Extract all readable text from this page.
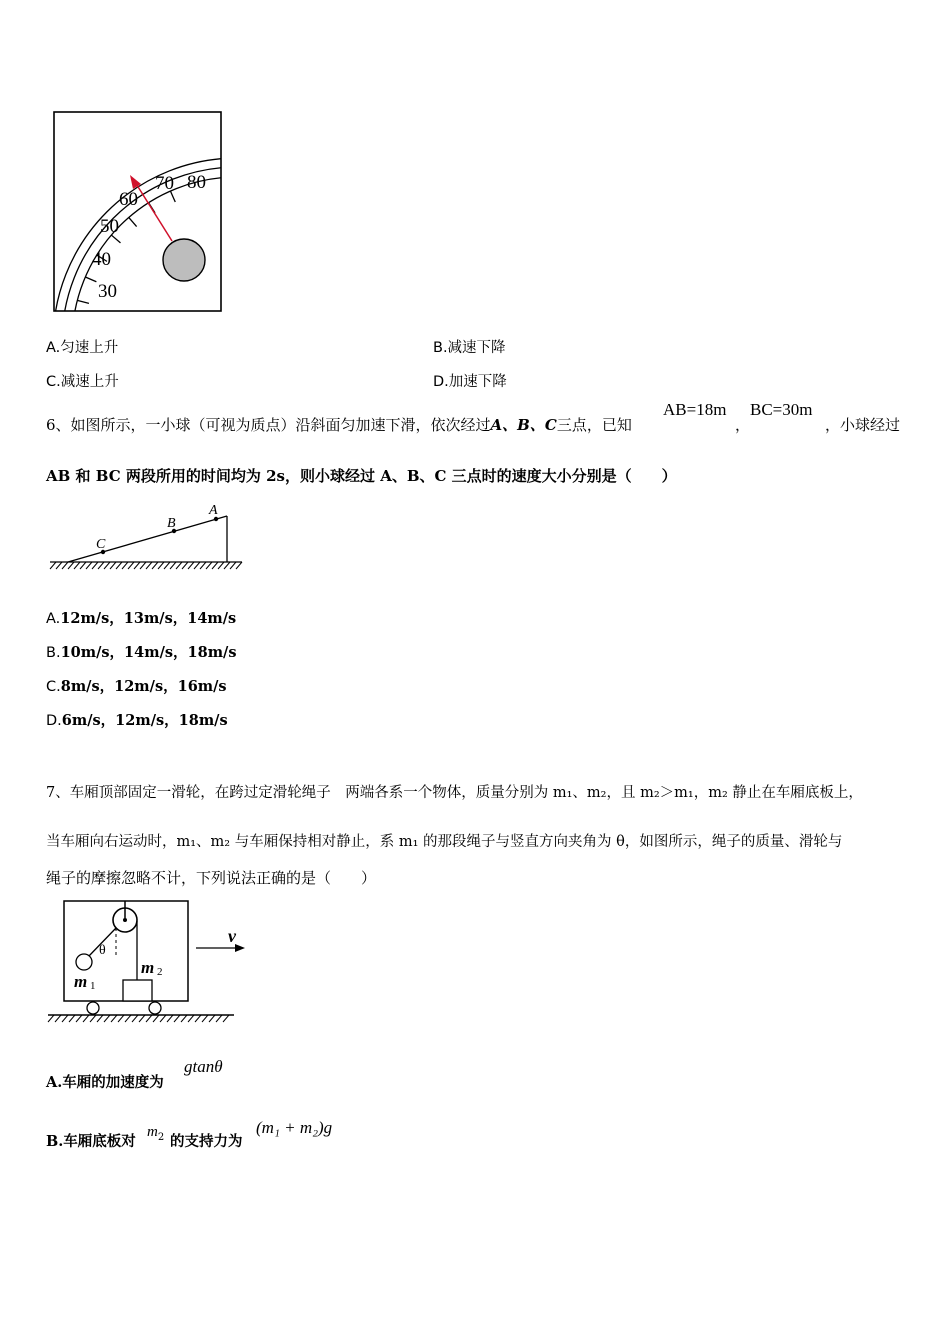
30
40
50
60
70 80
A.匀速上升	B.减速下降
C.减速上升	D.加速下降
6、如图所示，一小球（可视为质点）沿斜面匀加速下滑，依次经过A、B、C三点，已知
AB=18m
，
BC=30m
，小球经过
AB 和 BC 两段所用的时间均为 2s，则小球经过 A、B、C 三点时的速度大小分别是（　　）
C
B
A
A.12m/s，13m/s，14m/s
B.10m/s，14m/s，18m/s
C.8m/s，12m/s，16m/s
D.6m/s，12m/s，18m/s
7、车厢顶部固定一滑轮，在跨过定滑轮绳子　两端各系一个物体，质量分别为 m₁、m₂，且 m₂＞m₁，m₂ 静止在车厢底板上，
当车厢向右运动时，m₁、m₂ 与车厢保持相对静止，系 m₁ 的那段绳子与竖直方向夹角为 θ，如图所示，绳子的质量、滑轮与
绳子的摩擦忽略不计，下列说法正确的是（　　）
v
θ
m 1
m 2
A.车厢的加速度为
gtanθ
B.车厢底板对
$m_2$ 的支持力为
(m₁ + m₂)g
